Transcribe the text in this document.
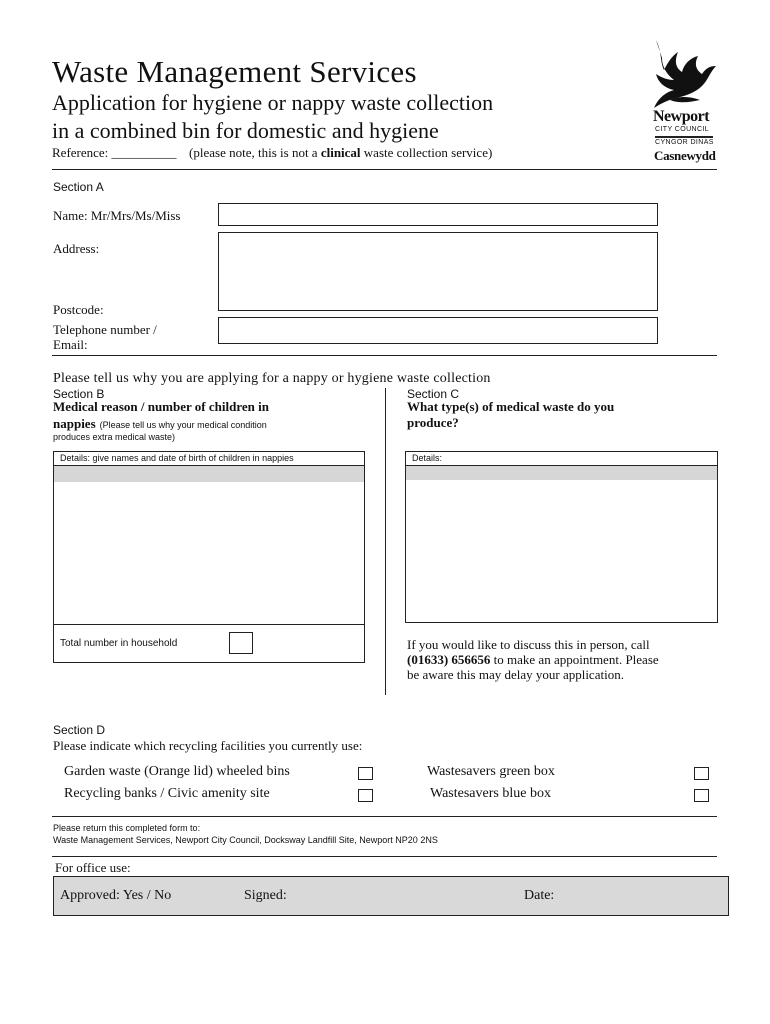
Waste Management Services
Application for hygiene or nappy waste collection
in a combined bin for domestic and hygiene
Reference: __________ (please note, this is not a clinical waste collection service)
Newport
CITY COUNCIL
CYNGOR DINAS
Casnewydd
Section A
Name: Mr/Mrs/Ms/Miss
Address:
Postcode:
Telephone number /
Email:
Please tell us why you are applying for a nappy or hygiene waste collection
Section B
Medical reason / number of children in
nappies (Please tell us why your medical condition
produces extra medical waste)
Details: give names and date of birth of children in nappies
Total number in household
Section C
What type(s) of medical waste do you
produce?
Details:
If you would like to discuss this in person, call
(01633) 656656 to make an appointment. Please
be aware this may delay your application.
Section D
Please indicate which recycling facilities you currently use:
Garden waste (Orange lid) wheeled bins
Recycling banks / Civic amenity site
Wastesavers green box
Wastesavers blue box
Please return this completed form to:
Waste Management Services, Newport City Council, Docksway Landfill Site, Newport NP20 2NS
For office use:
Approved: Yes / No	Signed:	Date:
